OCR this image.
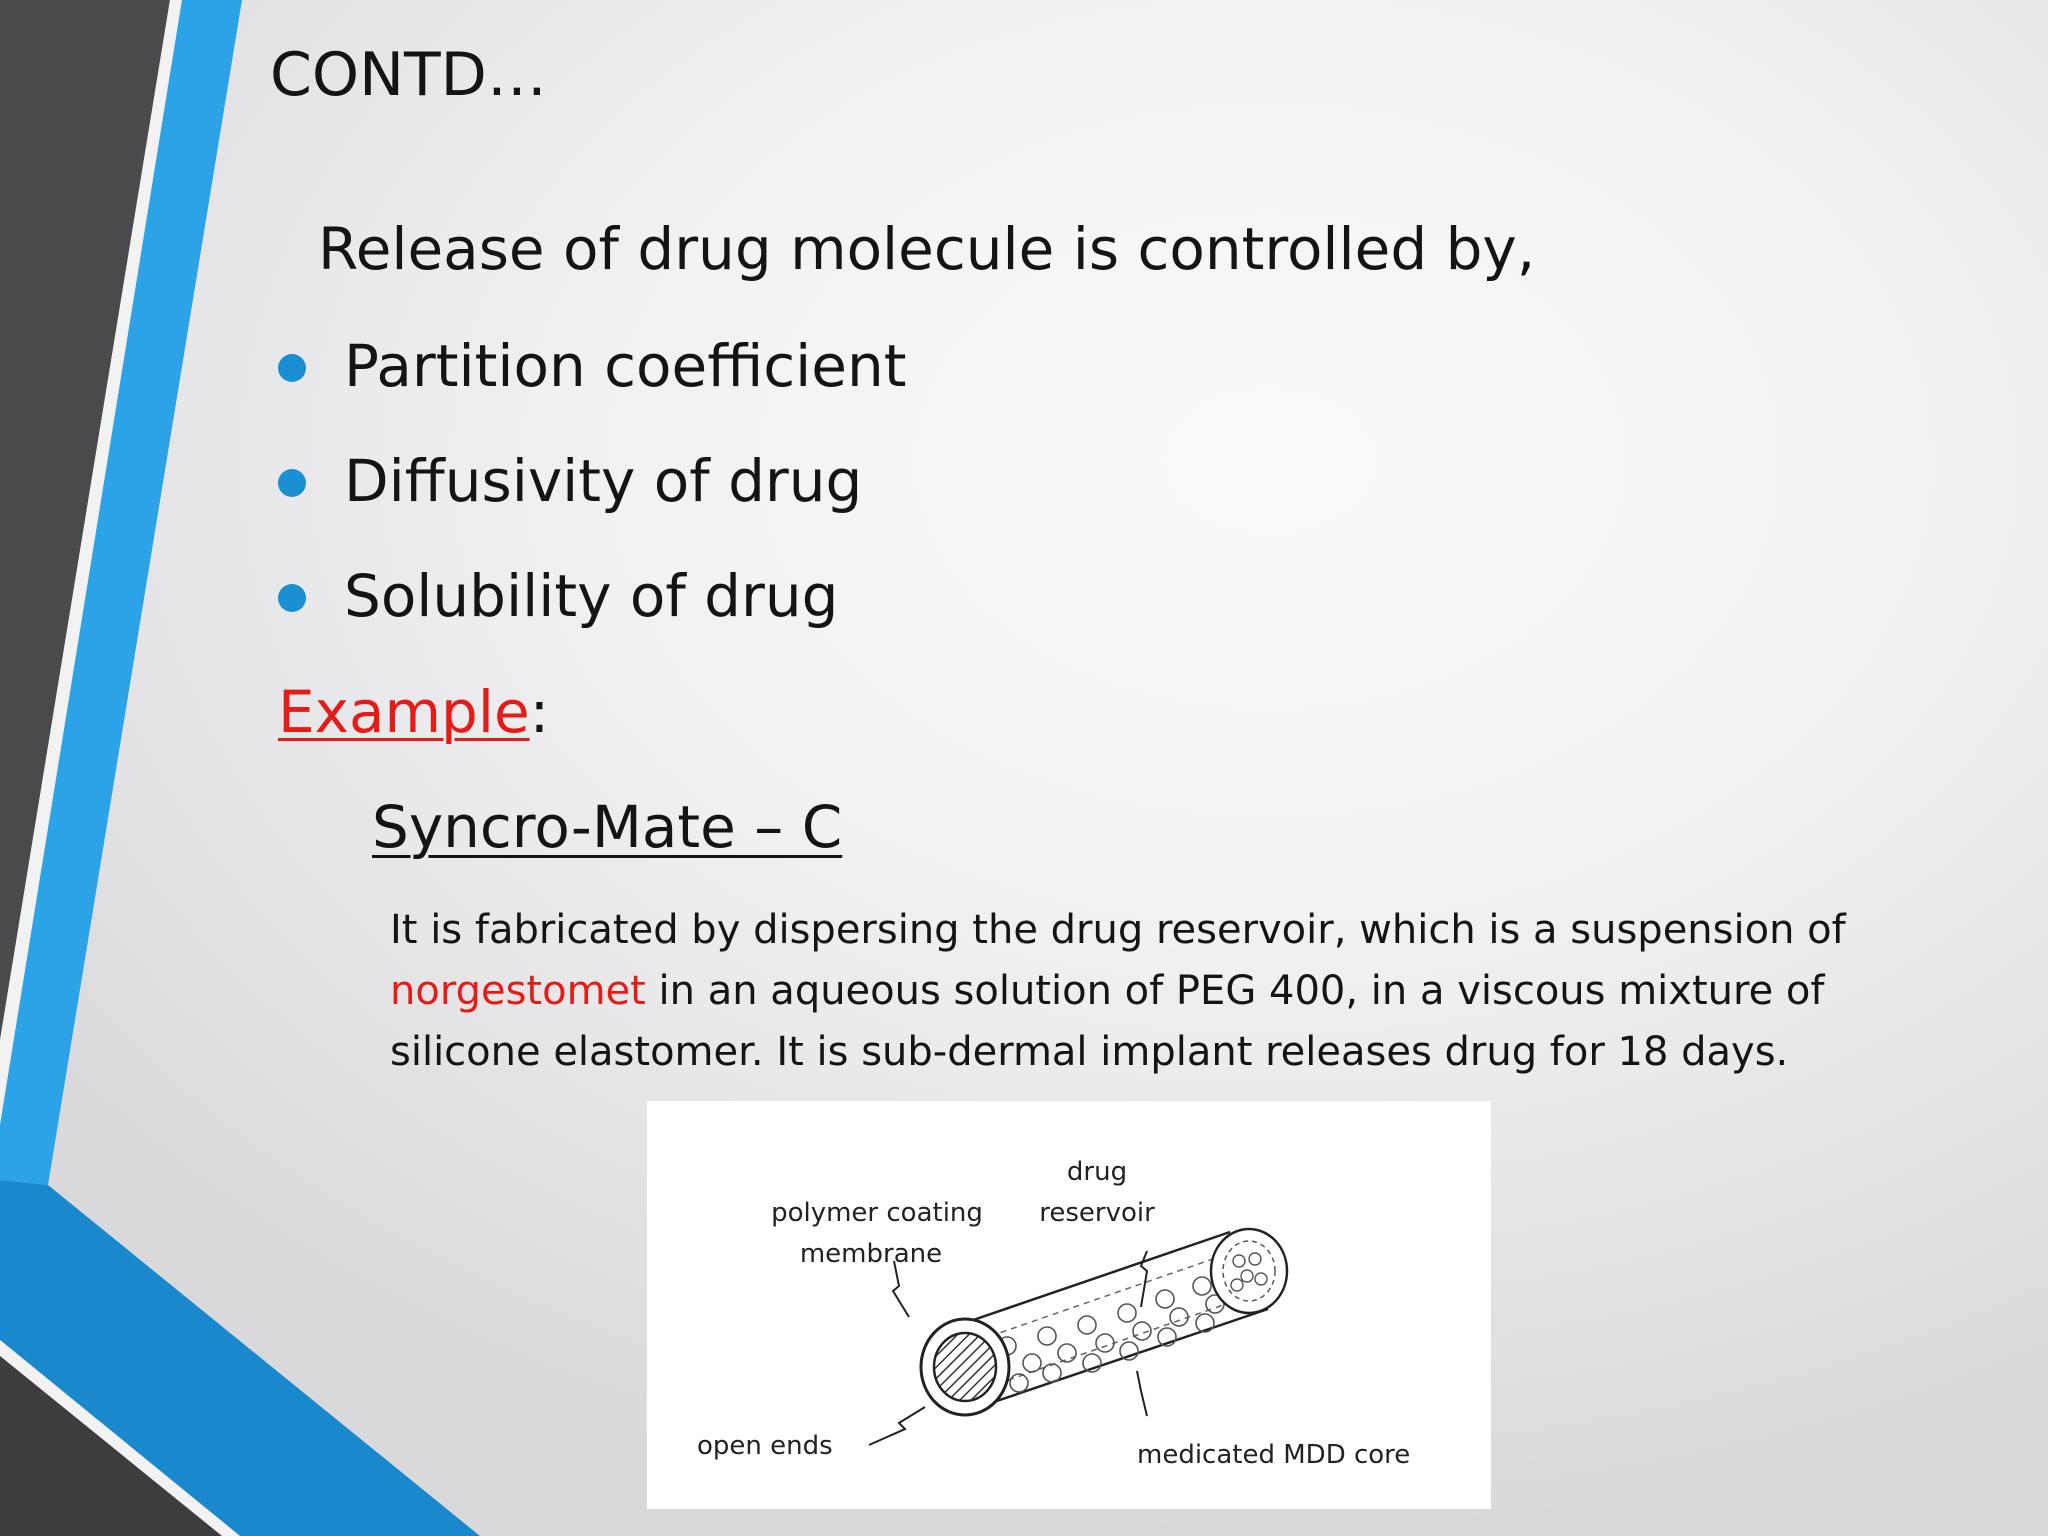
CONTD…
Release of drug molecule is controlled by,
Partition coefficient
Diffusivity of drug
Solubility of drug
Example:
Syncro-Mate – C
It is fabricated by dispersing the drug reservoir, which is a suspension of norgestomet in an aqueous solution of PEG 400, in a viscous mixture of silicone elastomer. It is sub-dermal implant releases drug for 18 days.
drug
reservoir
polymer coating
membrane
open ends	medicated MDD core
